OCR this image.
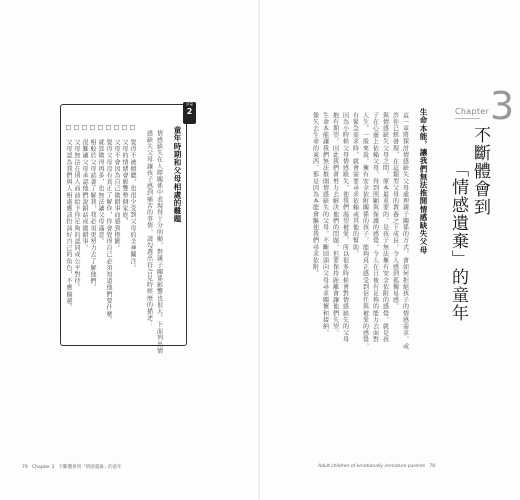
評量
2
童年時期和父母相處的難題
情感缺失在人際關係中表現得十分明顯，對親子關係影響也很大。下面列出情
感缺失父母讓孩子感到痛苦的事情，請勾選出符合兒時經歷的描述：
□ 覺得不被傾聽，也很少受到父母的全神關注。
□ 父母的情緒會影響整個家庭。
□ 父母不會因為自己做錯事而感到抱歉。
□ 覺得父母沒有真正了解你，你會覺得自己必須知道他們要什麼。
□ 就算做得再多，也無法讓父母滿意。
□ 相較於父母試著了解我，我必須更努力去了解他們。
□ 很難讓父母承認他們說錯話或做錯事。
□ 父母無法在別人面前給予你足夠的認同或公平對待。
□ 父母認為我們與人相處應該扮演好自己的角色，不應踰越。
79 Chapter 3 不斷體會到「情感遺棄」的童年
Chapter 3
不斷體會到
「情感遺棄」的童年
生命本能，讓我們無法推開情感缺失父母
這一章將探討情感缺失父母處理親子關係的方式，會如何拒絕孩子的情感需求，或
許你已經發現，在這類型父母的教養之下成長，令人感到孤獨易感。
與情感缺失父母之間，原本最重要的，是孩子無法擁有安全依附的感覺，就是孩
子在心靈上依賴父母，得到照顧與保護的感覺，令人在日後有足夠的能力去面對
人生。一般來說，擁有安全依附關係的孩子，能夠真正感受到信任與被愛的感覺，
有緊急需求時，就會需要尋求依賴或其他的幫助。
因為小時候父母情感缺失，使我們渴望被愛，所以很多時候會對情感缺失的父母
抱有期望，因此我們會努力去解決他們的問題，但要保持距離會讓他們失望。
生命本能讓我們無法推開情感缺失的父母，不斷回頭向父母尋求關懷和接納，
像失去生命的東西，那是因為本能會驅使我們尋求依附。
Adult children of emotionally immature parents 78
